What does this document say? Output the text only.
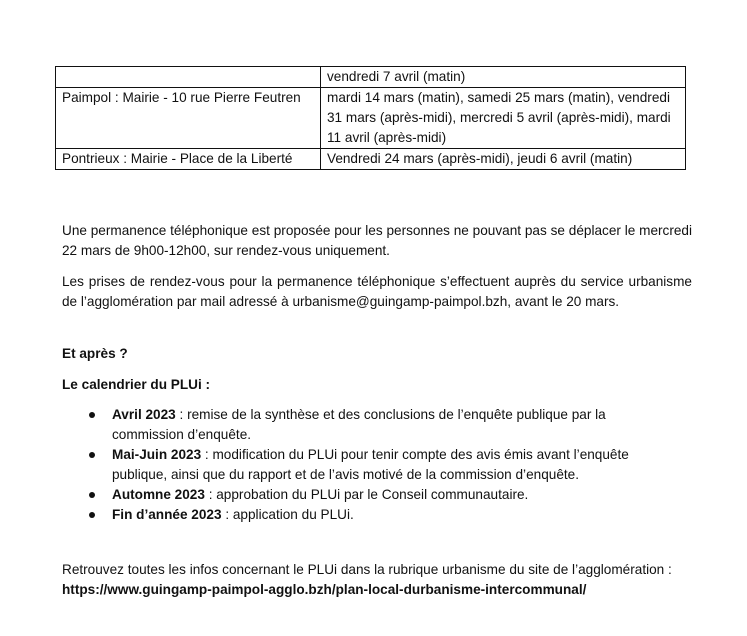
	vendredi 7 avril (matin)
Paimpol : Mairie - 10 rue Pierre Feutren	mardi 14 mars (matin), samedi 25 mars (matin), vendredi 31 mars (après-midi), mercredi 5 avril (après-midi), mardi 11 avril (après-midi)
Pontrieux : Mairie - Place de la Liberté	Vendredi 24 mars (après-midi), jeudi 6 avril (matin)

Une permanence téléphonique est proposée pour les personnes ne pouvant pas se déplacer le mercredi 22 mars de 9h00-12h00, sur rendez-vous uniquement.

Les prises de rendez-vous pour la permanence téléphonique s’effectuent auprès du service urbanisme de l’agglomération par mail adressé à urbanisme@guingamp-paimpol.bzh, avant le 20 mars.

Et après ?

Le calendrier du PLUi :

Avril 2023 : remise de la synthèse et des conclusions de l’enquête publique par la commission d’enquête.
Mai-Juin 2023 : modification du PLUi pour tenir compte des avis émis avant l’enquête publique, ainsi que du rapport et de l’avis motivé de la commission d’enquête.
Automne 2023 : approbation du PLUi par le Conseil communautaire.
Fin d’année 2023 : application du PLUi.

Retrouvez toutes les infos concernant le PLUi dans la rubrique urbanisme du site de l’agglomération :
https://www.guingamp-paimpol-agglo.bzh/plan-local-durbanisme-intercommunal/
